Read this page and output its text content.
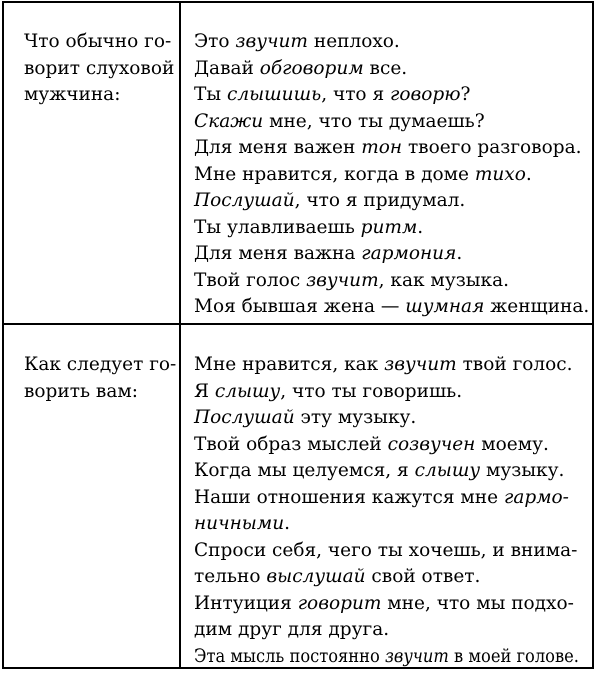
Что обычно го-
ворит слуховой
мужчина:
Это звучит неплохо.
Давай обговорим все.
Ты слышишь, что я говорю?
Скажи мне, что ты думаешь?
Для меня важен тон твоего разговора.
Мне нравится, когда в доме тихо.
Послушай, что я придумал.
Ты улавливаешь ритм.
Для меня важна гармония.
Твой голос звучит, как музыка.
Моя бывшая жена — шумная женщина.
Как следует го-
ворить вам:
Мне нравится, как звучит твой голос.
Я слышу, что ты говоришь.
Послушай эту музыку.
Твой образ мыслей созвучен моему.
Когда мы целуемся, я слышу музыку.
Наши отношения кажутся мне гармо-
ничными.
Спроси себя, чего ты хочешь, и внима-
тельно выслушай свой ответ.
Интуиция говорит мне, что мы подхо-
дим друг для друга.
Эта мысль постоянно звучит в моей голове.
